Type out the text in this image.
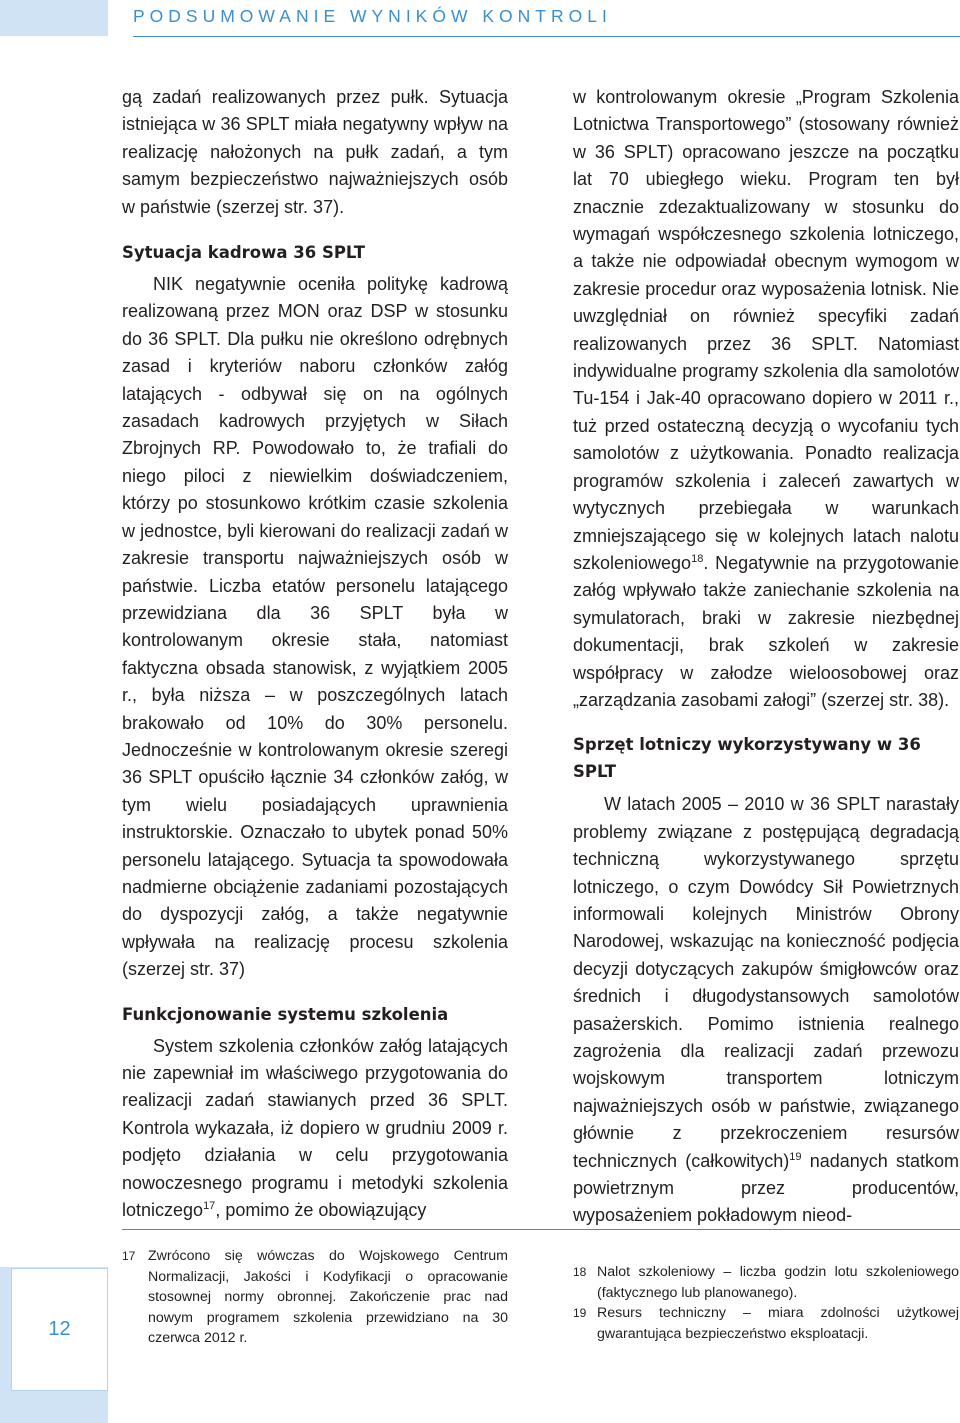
PODSUMOWANIE WYNIKÓW KONTROLI

gą zadań realizowanych przez pułk. Sytuacja istniejąca w 36 SPLT miała negatywny wpływ na realizację nałożonych na pułk zadań, a tym samym bezpieczeństwo najważniejszych osób w państwie (szerzej str. 37).

Sytuacja kadrowa 36 SPLT

NIK negatywnie oceniła politykę kadrową realizowaną przez MON oraz DSP w stosunku do 36 SPLT. Dla pułku nie określono odrębnych zasad i kryteriów naboru członków załóg latających - odbywał się on na ogólnych zasadach kadrowych przyjętych w Siłach Zbrojnych RP. Powodowało to, że trafiali do niego piloci z niewielkim doświadczeniem, którzy po stosunkowo krótkim czasie szkolenia w jednostce, byli kierowani do realizacji zadań w zakresie transportu najważniejszych osób w państwie. Liczba etatów personelu latającego przewidziana dla 36 SPLT była w kontrolowanym okresie stała, natomiast faktyczna obsada stanowisk, z wyjątkiem 2005 r., była niższa – w poszczególnych latach brakowało od 10% do 30% personelu. Jednocześnie w kontrolowanym okresie szeregi 36 SPLT opuściło łącznie 34 członków załóg, w tym wielu posiadających uprawnienia instruktorskie. Oznaczało to ubytek ponad 50% personelu latającego. Sytuacja ta spowodowała nadmierne obciążenie zadaniami pozostających do dyspozycji załóg, a także negatywnie wpływała na realizację procesu szkolenia (szerzej str. 37)

Funkcjonowanie systemu szkolenia

System szkolenia członków załóg latających nie zapewniał im właściwego przygotowania do realizacji zadań stawianych przed 36 SPLT. Kontrola wykazała, iż dopiero w grudniu 2009 r. podjęto działania w celu przygotowania nowoczesnego programu i metodyki szkolenia lotniczego$^{17}$, pomimo że obowiązujący

w kontrolowanym okresie „Program Szkolenia Lotnictwa Transportowego” (stosowany również w 36 SPLT) opracowano jeszcze na początku lat 70 ubiegłego wieku. Program ten był znacznie zdezaktualizowany w stosunku do wymagań współczesnego szkolenia lotniczego, a także nie odpowiadał obecnym wymogom w zakresie procedur oraz wyposażenia lotnisk. Nie uwzględniał on również specyfiki zadań realizowanych przez 36 SPLT. Natomiast indywidualne programy szkolenia dla samolotów Tu-154 i Jak-40 opracowano dopiero w 2011 r., tuż przed ostateczną decyzją o wycofaniu tych samolotów z użytkowania. Ponadto realizacja programów szkolenia i zaleceń zawartych w wytycznych przebiegała w warunkach zmniejszającego się w kolejnych latach nalotu szkoleniowego$^{18}$. Negatywnie na przygotowanie załóg wpływało także zaniechanie szkolenia na symulatorach, braki w zakresie niezbędnej dokumentacji, brak szkoleń w zakresie współpracy w załodze wieloosobowej oraz „zarządzania zasobami załogi” (szerzej str. 38).

Sprzęt lotniczy wykorzystywany w 36 SPLT

W latach 2005 – 2010 w 36 SPLT narastały problemy związane z postępującą degradacją techniczną wykorzystywanego sprzętu lotniczego, o czym Dowódcy Sił Powietrznych informowali kolejnych Ministrów Obrony Narodowej, wskazując na konieczność podjęcia decyzji dotyczących zakupów śmigłowców oraz średnich i długodystansowych samolotów pasażerskich. Pomimo istnienia realnego zagrożenia dla realizacji zadań przewozu wojskowym transportem lotniczym najważniejszych osób w państwie, związanego głównie z przekroczeniem resursów technicznych (całkowitych)$^{19}$ nadanych statkom powietrznym przez producentów, wyposażeniem pokładowym nieod-

12
17 Zwrócono się wówczas do Wojskowego Centrum Normalizacji, Jakości i Kodyfikacji o opracowanie stosownej normy obronnej. Zakończenie prac nad nowym programem szkolenia przewidziano na 30 czerwca 2012 r.
18 Nalot szkoleniowy – liczba godzin lotu szkoleniowego (faktycznego lub planowanego).
19 Resurs techniczny – miara zdolności użytkowej gwarantująca bezpieczeństwo eksploatacji.
